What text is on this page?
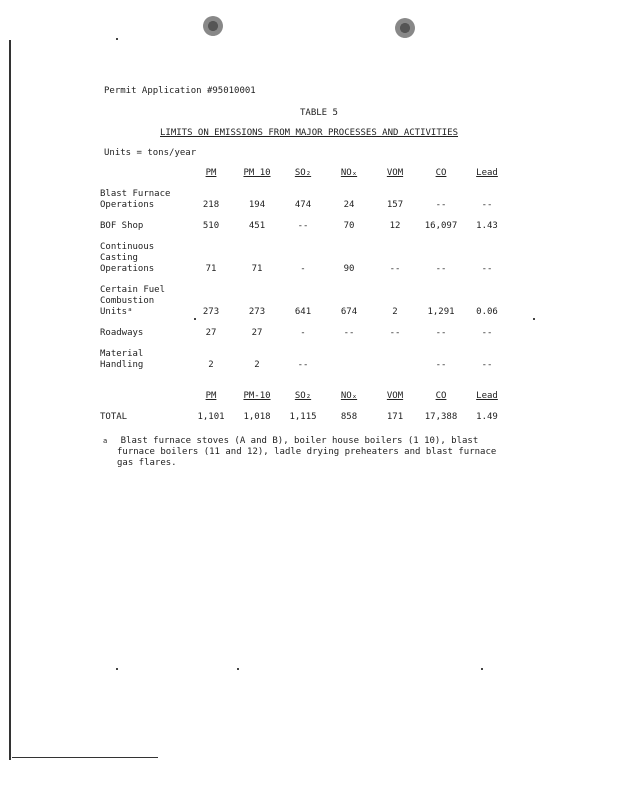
Permit Application #95010001
TABLE 5
LIMITS ON EMISSIONS FROM MAJOR PROCESSES AND ACTIVITIES
Units = tons/year
	PM	PM 10	SO₂	NOₓ	VOM	CO	Lead

Blast Furnace							
Operations	218	194	474	24	157	--	--

BOF Shop	510	451	--	70	12	16,097	1.43

Continuous							
Casting							
Operations	71	71	-	90	--	--	--

Certain Fuel							
Combustion							
Unitsᵃ	273	273	641	674	2	1,291	0.06

Roadways	27	27	-	--	--	--	--

Material							
Handling	2	2	--			--	--

	PM	PM-10	SO₂	NOₓ	VOM	CO	Lead

TOTAL	1,101	1,018	1,115	858	171	17,388	1.49
$^a$ Blast furnace stoves (A and B), boiler house boilers (1 10), blast
furnace boilers (11 and 12), ladle drying preheaters and blast furnace
gas flares.
